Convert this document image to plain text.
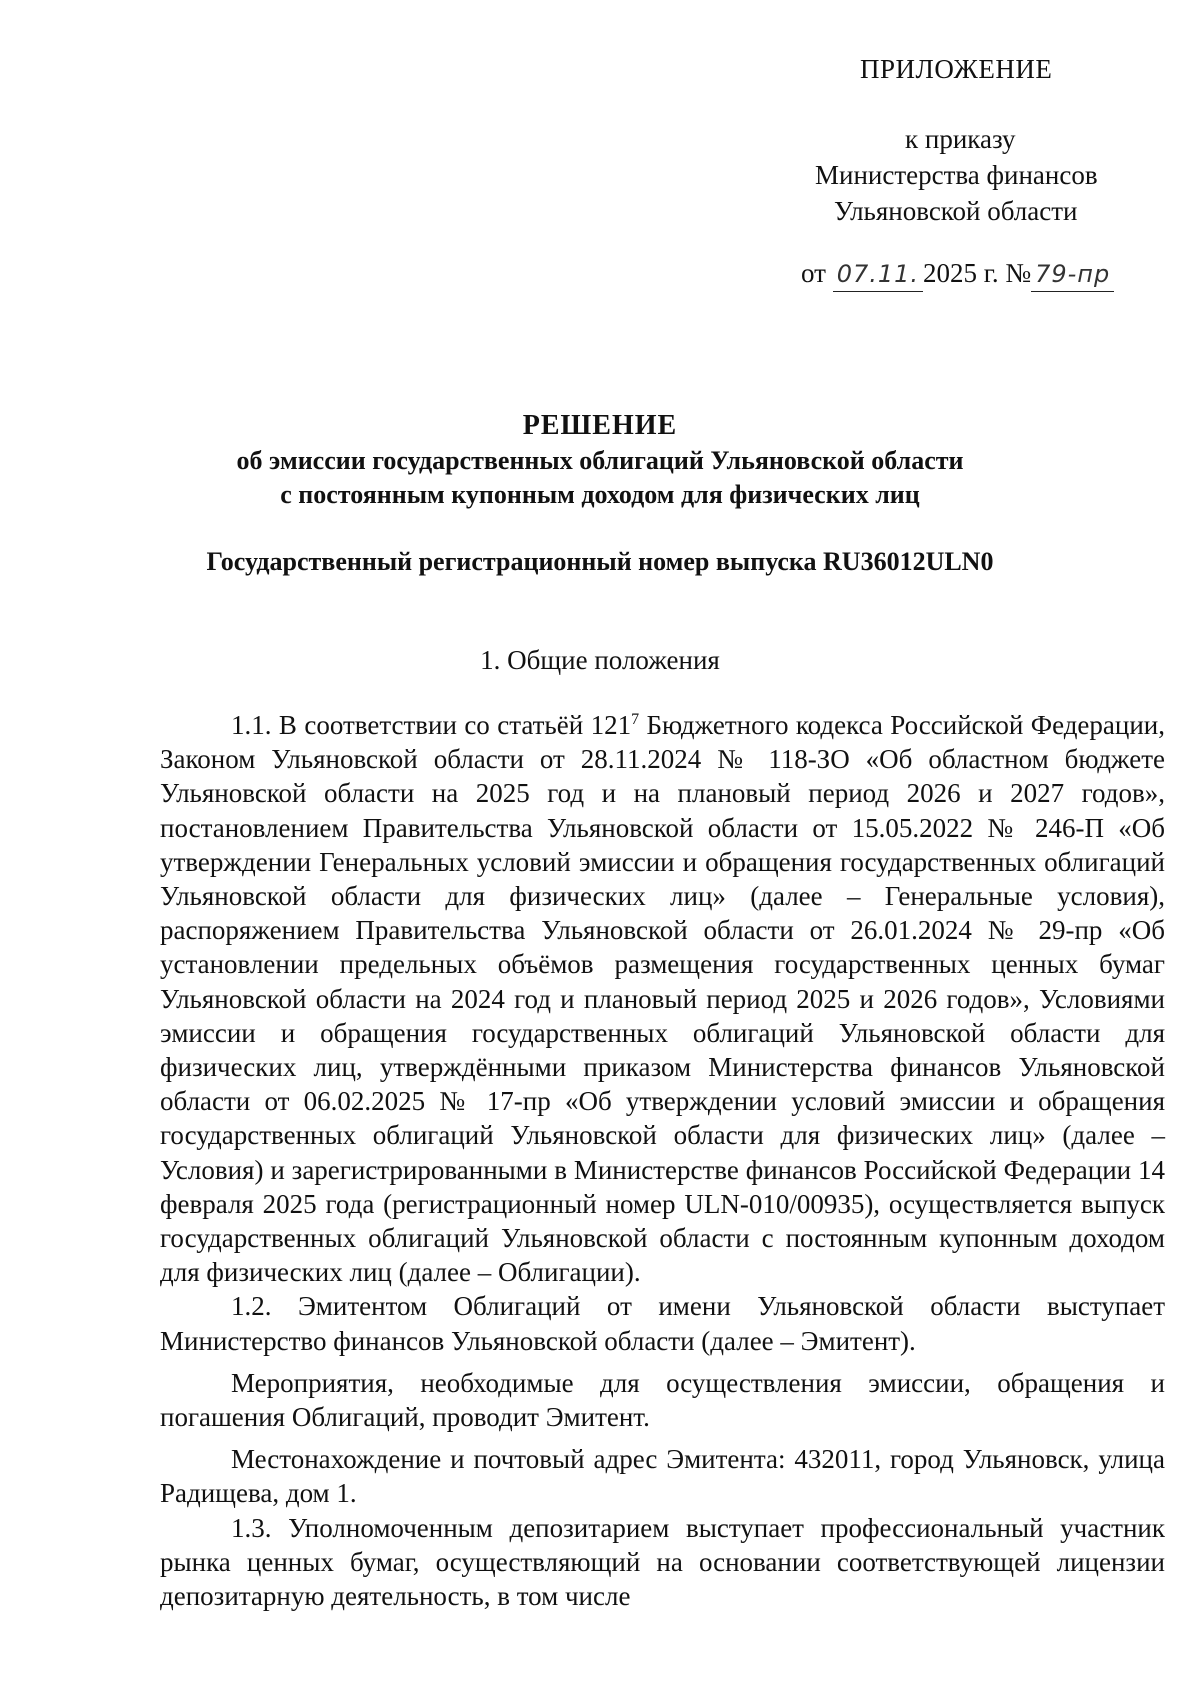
ПРИЛОЖЕНИЕ
к приказу
Министерства финансов
Ульяновской области
от 07.11. 2025 г. № 79-пр
РЕШЕНИЕ
об эмиссии государственных облигаций Ульяновской области
с постоянным купонным доходом для физических лиц
Государственный регистрационный номер выпуска RU36012ULN0
1. Общие положения

1.1. В соответствии со статьёй $121^7$ Бюджетного кодекса Российской Федерации, Законом Ульяновской области от 28.11.2024 № 118-ЗО «Об областном бюджете Ульяновской области на 2025 год и на плановый период 2026 и 2027 годов», постановлением Правительства Ульяновской области от 15.05.2022 № 246-П «Об утверждении Генеральных условий эмиссии и обращения государственных облигаций Ульяновской области для физических лиц» (далее – Генеральные условия), распоряжением Правительства Ульяновской области от 26.01.2024 № 29-пр «Об установлении предельных объёмов размещения государственных ценных бумаг Ульяновской области на 2024 год и плановый период 2025 и 2026 годов», Условиями эмиссии и обращения государственных облигаций Ульяновской области для физических лиц, утверждёнными приказом Министерства финансов Ульяновской области от 06.02.2025 № 17-пр «Об утверждении условий эмиссии и обращения государственных облигаций Ульяновской области для физических лиц» (далее – Условия) и зарегистрированными в Министерстве финансов Российской Федерации 14 февраля 2025 года (регистрационный номер ULN-010/00935), осуществляется выпуск государственных облигаций Ульяновской области с постоянным купонным доходом для физических лиц (далее – Облигации).

1.2. Эмитентом Облигаций от имени Ульяновской области выступает Министерство финансов Ульяновской области (далее – Эмитент).

Мероприятия, необходимые для осуществления эмиссии, обращения и погашения Облигаций, проводит Эмитент.

Местонахождение и почтовый адрес Эмитента: 432011, город Ульяновск, улица Радищева, дом 1.

1.3. Уполномоченным депозитарием выступает профессиональный участник рынка ценных бумаг, осуществляющий на основании соответствующей лицензии депозитарную деятельность, в том числе
